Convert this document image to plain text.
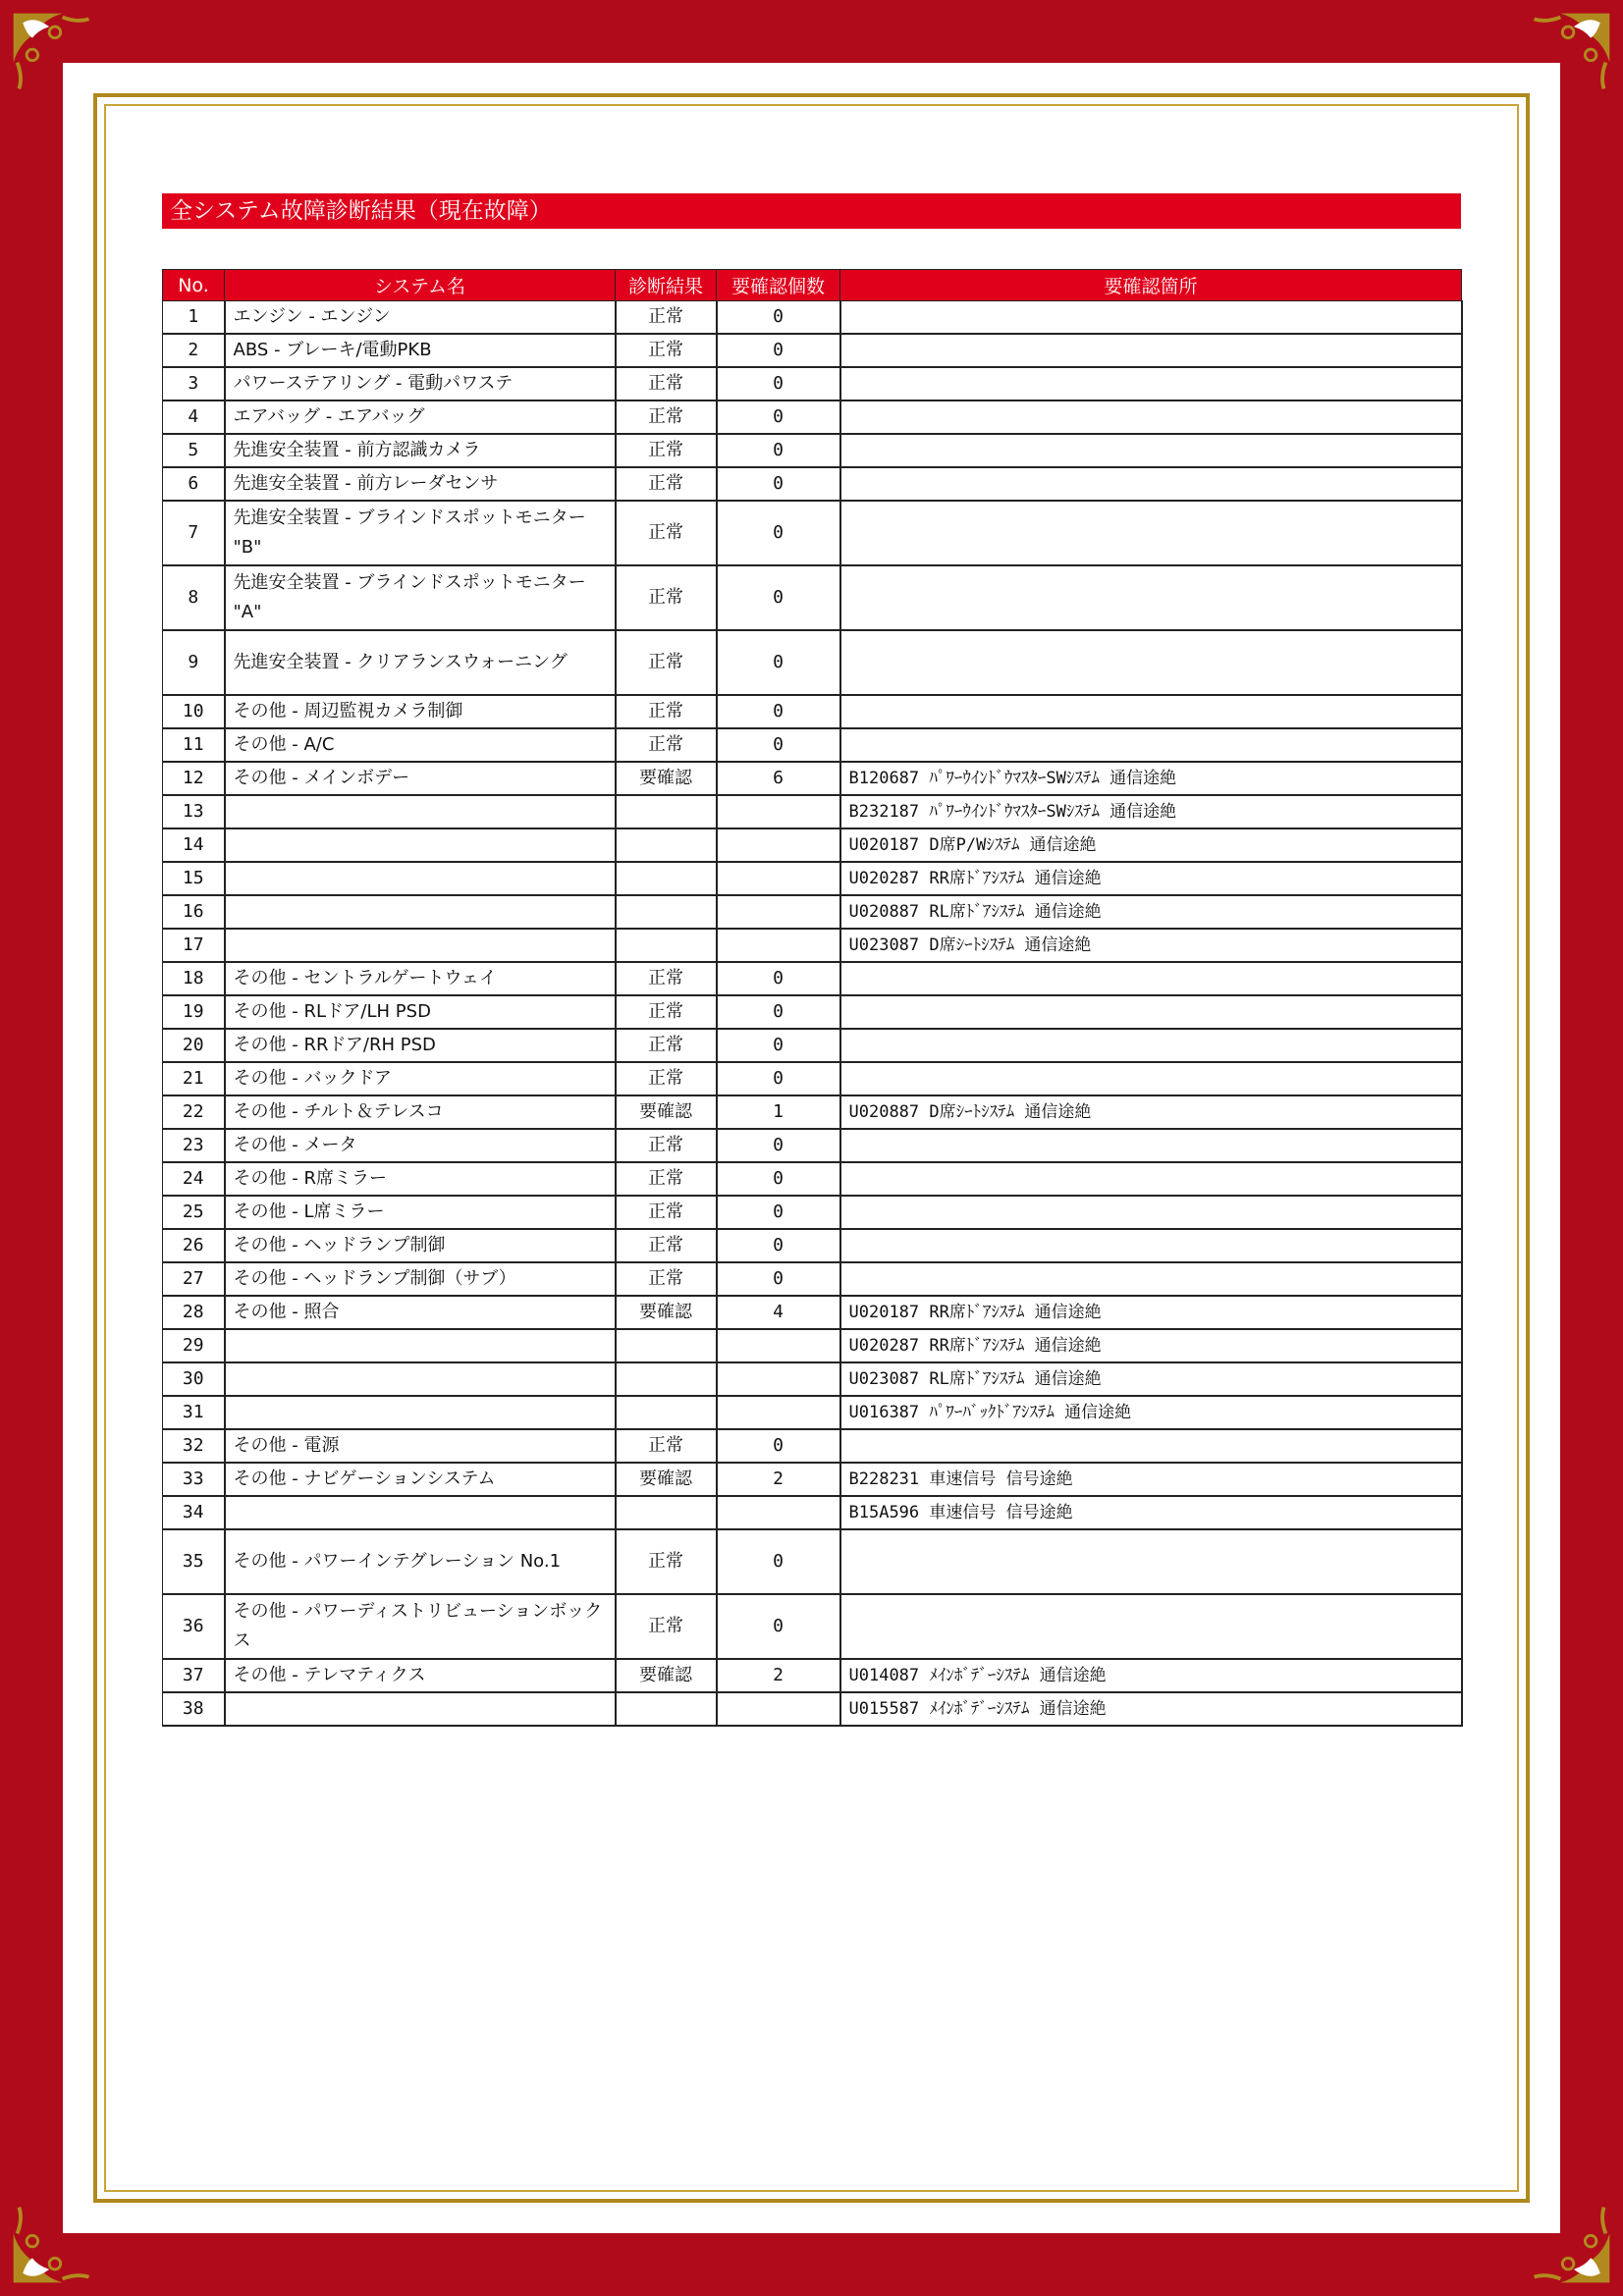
全システム故障診断結果（現在故障）
No.	システム名	診断結果	要確認個数	要確認箇所
1	エンジン - エンジン	正常	0	
2	ABS - ブレーキ/電動PKB	正常	0	
3	パワーステアリング - 電動パワステ	正常	0	
4	エアバッグ - エアバッグ	正常	0	
5	先進安全装置 - 前方認識カメラ	正常	0	
6	先進安全装置 - 前方レーダセンサ	正常	0	
7	先進安全装置 - ブラインドスポットモニター "B"	正常	0	
8	先進安全装置 - ブラインドスポットモニター "A"	正常	0	
9	先進安全装置 - クリアランスウォーニング	正常	0	
10	その他 - 周辺監視カメラ制御	正常	0	
11	その他 - A/C	正常	0	
12	その他 - メインボデー	要確認	6	B120687 ﾊﾟﾜｰｳｲﾝﾄﾞｳﾏｽﾀｰSWｼｽﾃﾑ 通信途絶
13				B232187 ﾊﾟﾜｰｳｲﾝﾄﾞｳﾏｽﾀｰSWｼｽﾃﾑ 通信途絶
14				U020187 D席P/Wｼｽﾃﾑ 通信途絶
15				U020287 RR席ﾄﾞｱｼｽﾃﾑ 通信途絶
16				U020887 RL席ﾄﾞｱｼｽﾃﾑ 通信途絶
17				U023087 D席ｼｰﾄｼｽﾃﾑ 通信途絶
18	その他 - セントラルゲートウェイ	正常	0	
19	その他 - RLドア/LH PSD	正常	0	
20	その他 - RRドア/RH PSD	正常	0	
21	その他 - バックドア	正常	0	
22	その他 - チルト＆テレスコ	要確認	1	U020887 D席ｼｰﾄｼｽﾃﾑ 通信途絶
23	その他 - メータ	正常	0	
24	その他 - R席ミラー	正常	0	
25	その他 - L席ミラー	正常	0	
26	その他 - ヘッドランプ制御	正常	0	
27	その他 - ヘッドランプ制御（サブ）	正常	0	
28	その他 - 照合	要確認	4	U020187 RR席ﾄﾞｱｼｽﾃﾑ 通信途絶
29				U020287 RR席ﾄﾞｱｼｽﾃﾑ 通信途絶
30				U023087 RL席ﾄﾞｱｼｽﾃﾑ 通信途絶
31				U016387 ﾊﾟﾜｰﾊﾞｯｸﾄﾞｱｼｽﾃﾑ 通信途絶
32	その他 - 電源	正常	0	
33	その他 - ナビゲーションシステム	要確認	2	B228231 車速信号 信号途絶
34				B15A596 車速信号 信号途絶
35	その他 - パワーインテグレーション No.1	正常	0	
36	その他 - パワーディストリビューションボックス	正常	0	
37	その他 - テレマティクス	要確認	2	U014087 ﾒｲﾝﾎﾞﾃﾞｰｼｽﾃﾑ 通信途絶
38				U015587 ﾒｲﾝﾎﾞﾃﾞｰｼｽﾃﾑ 通信途絶
